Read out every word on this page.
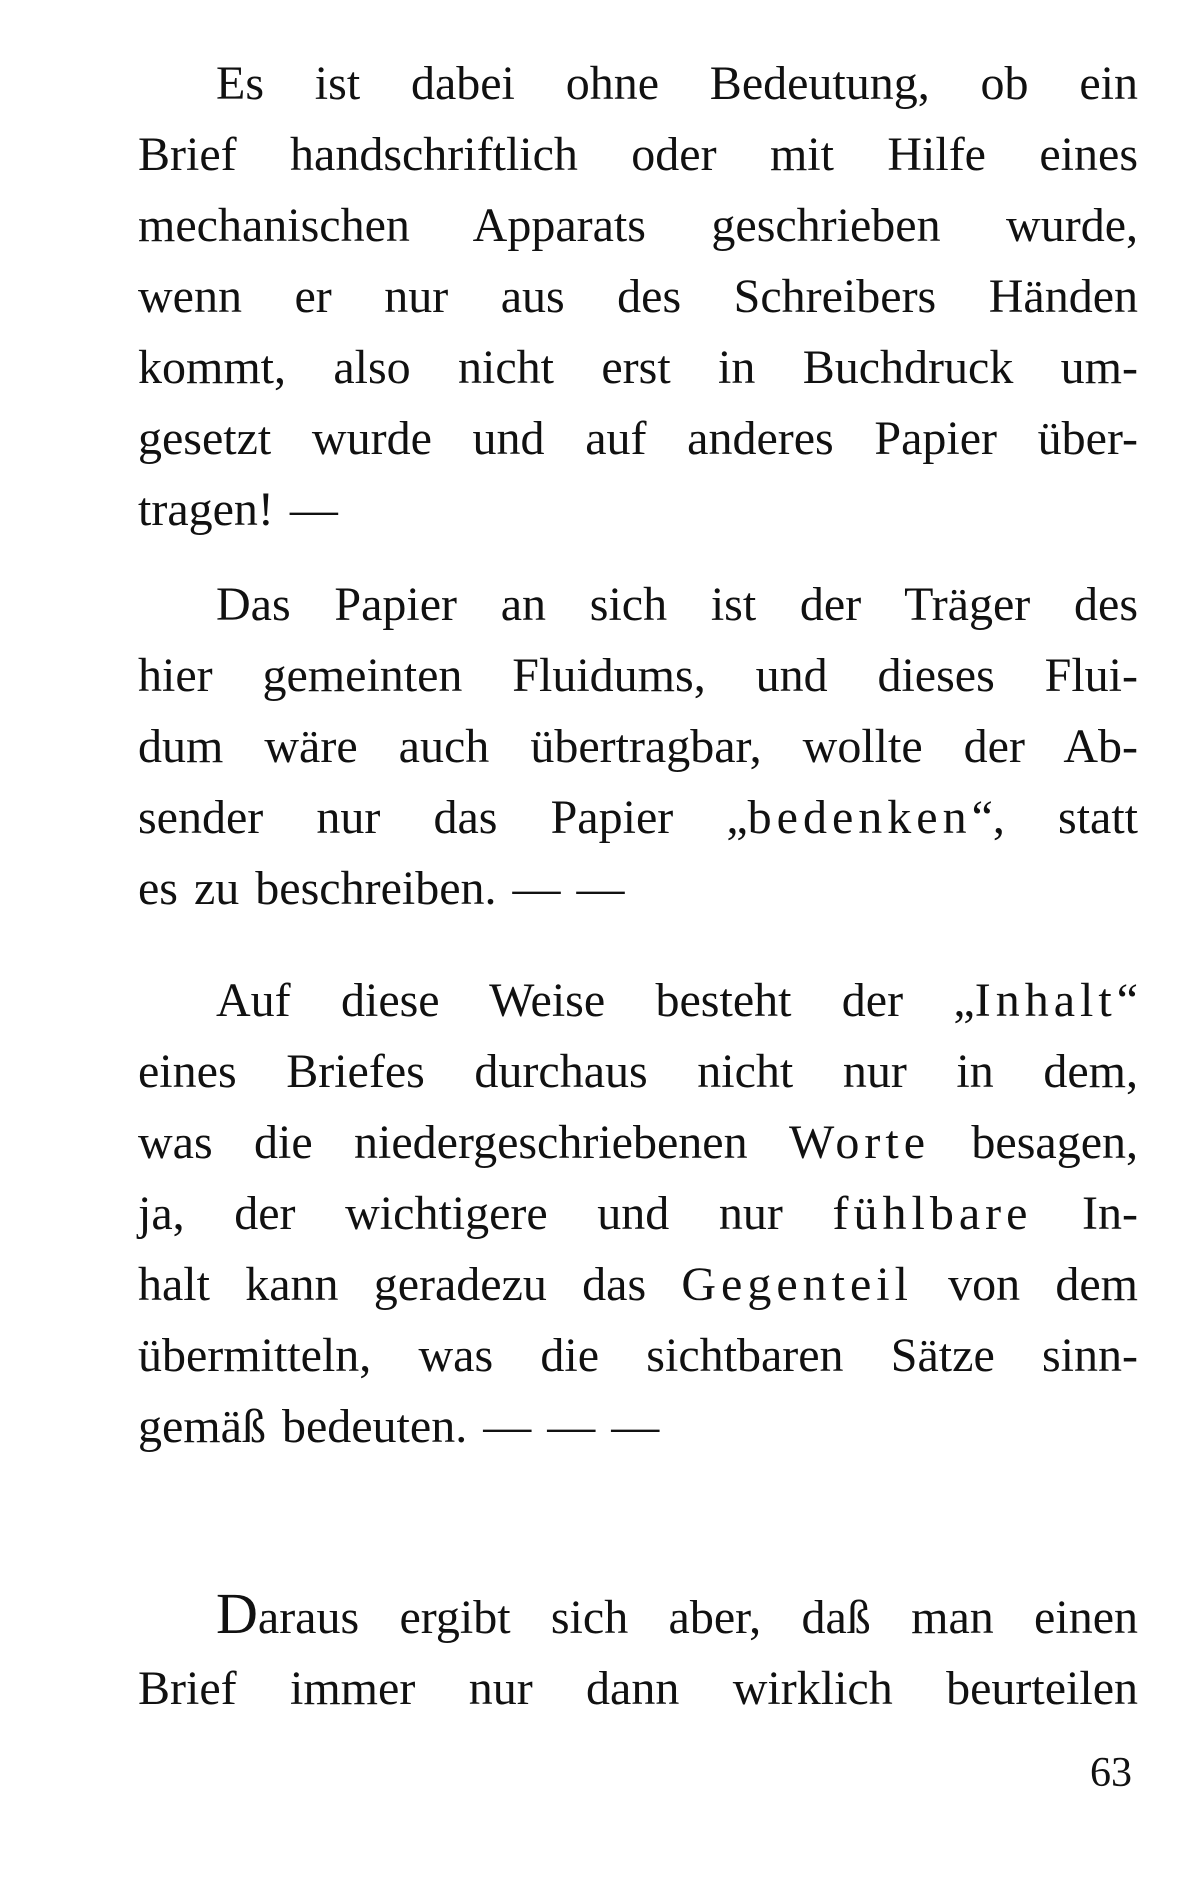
Es ist dabei ohne Bedeutung, ob ein
Brief handschriftlich oder mit Hilfe eines
mechanischen Apparats geschrieben wurde,
wenn er nur aus des Schreibers Händen
kommt, also nicht erst in Buchdruck um-
gesetzt wurde und auf anderes Papier über-
tragen! —

Das Papier an sich ist der Träger des
hier gemeinten Fluidums, und dieses Flui-
dum wäre auch übertragbar, wollte der Ab-
sender nur das Papier „bedenken“, statt
es zu beschreiben. — —

Auf diese Weise besteht der „Inhalt“
eines Briefes durchaus nicht nur in dem,
was die niedergeschriebenen Worte besagen,
ja, der wichtigere und nur fühlbare In-
halt kann geradezu das Gegenteil von dem
übermitteln, was die sichtbaren Sätze sinn-
gemäß bedeuten. — — —

Daraus ergibt sich aber, daß man einen
Brief immer nur dann wirklich beurteilen

63
